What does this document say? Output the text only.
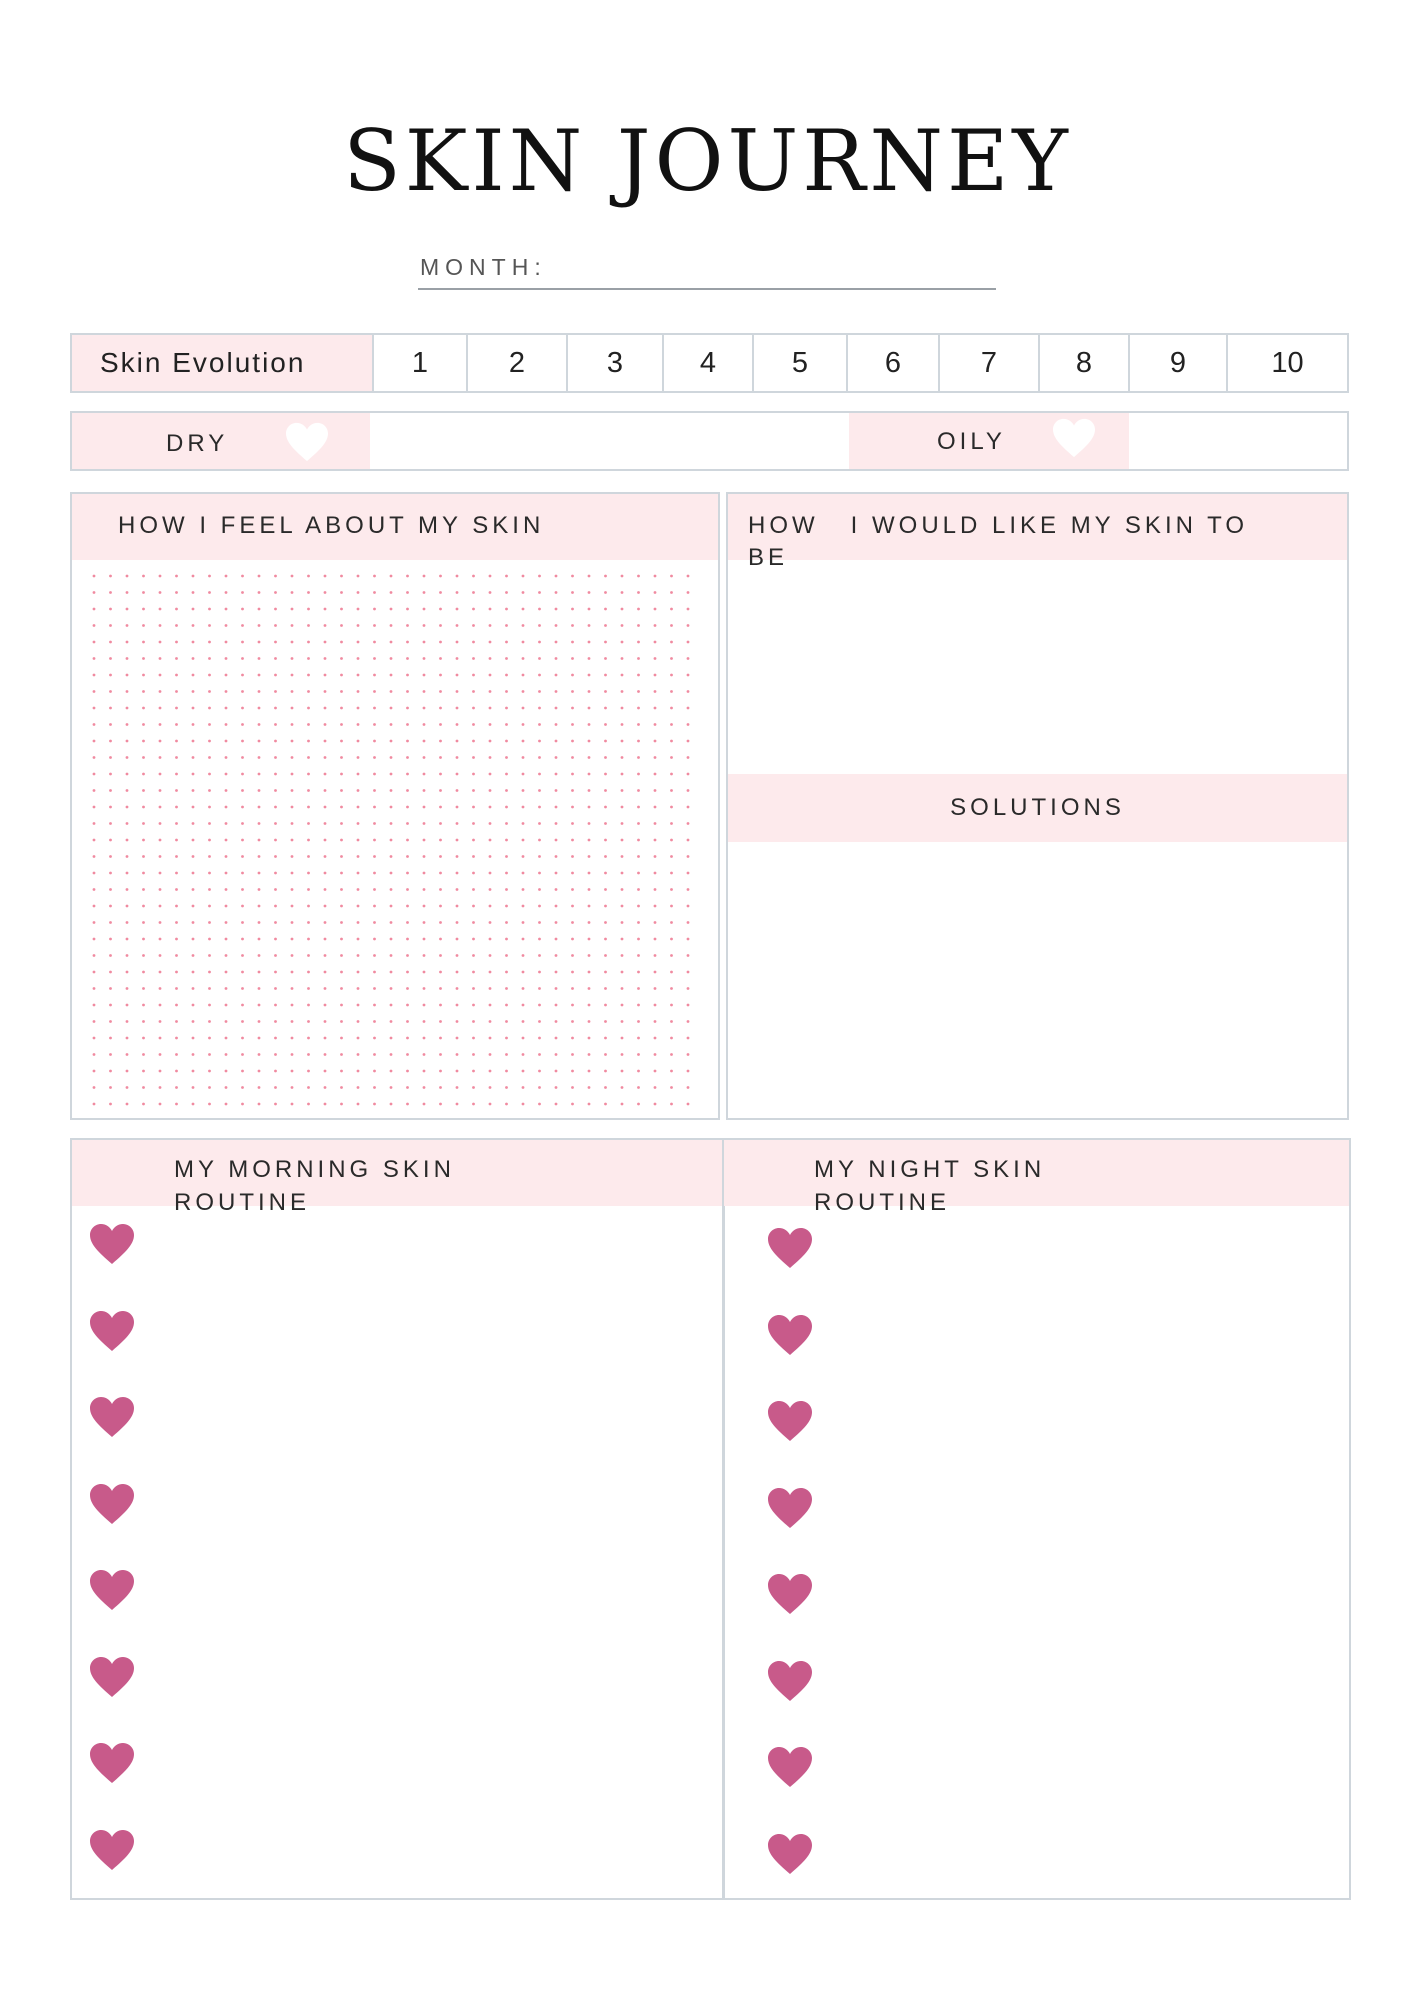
SKIN JOURNEY
MONTH:
Skin Evolution	1	2	3	4	5	6	7	8	9	10
DRY	OILY
HOW I FEEL ABOUT MY SKIN	HOW   I WOULD LIKE MY SKIN TO
BE
SOLUTIONS
MY MORNING SKIN
ROUTINE
MY NIGHT SKIN
ROUTINE
